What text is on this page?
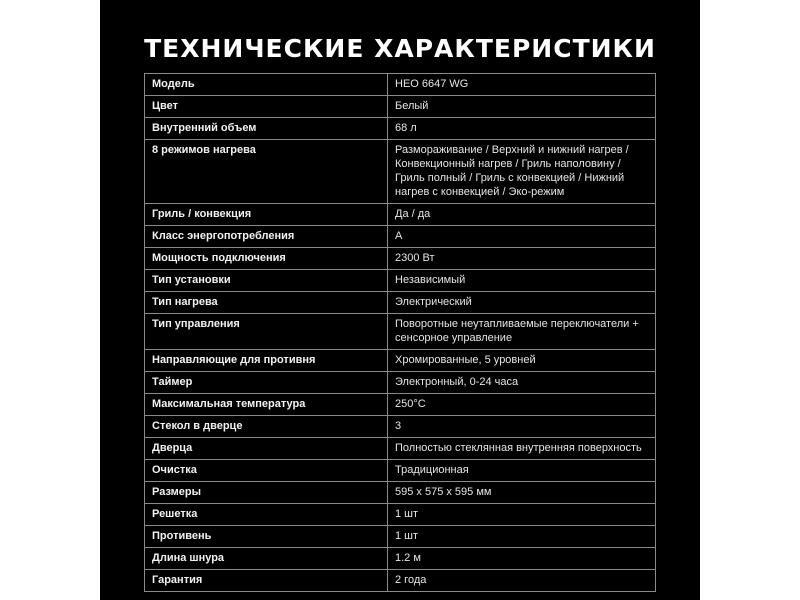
ТЕХНИЧЕСКИЕ ХАРАКТЕРИСТИКИ
Модель	HEO 6647 WG
Цвет	Белый
Внутренний объем	68 л
8 режимов нагрева	Размораживание / Верхний и нижний нагрев / Конвекционный нагрев / Гриль наполовину / Гриль полный / Гриль с конвекцией / Нижний нагрев с конвекцией / Эко-режим
Гриль / конвекция	Да / да
Класс энергопотребления	A
Мощность подключения	2300 Вт
Тип установки	Независимый
Тип нагрева	Электрический
Тип управления	Поворотные неутапливаемые переключатели + сенсорное управление
Направляющие для противня	Хромированные, 5 уровней
Таймер	Электронный, 0-24 часа
Максимальная температура	250°C
Стекол в дверце	3
Дверца	Полностью стеклянная внутренняя поверхность
Очистка	Традиционная
Размеры	595 x 575 x 595 мм
Решетка	1 шт
Противень	1 шт
Длина шнура	1.2 м
Гарантия	2 года
